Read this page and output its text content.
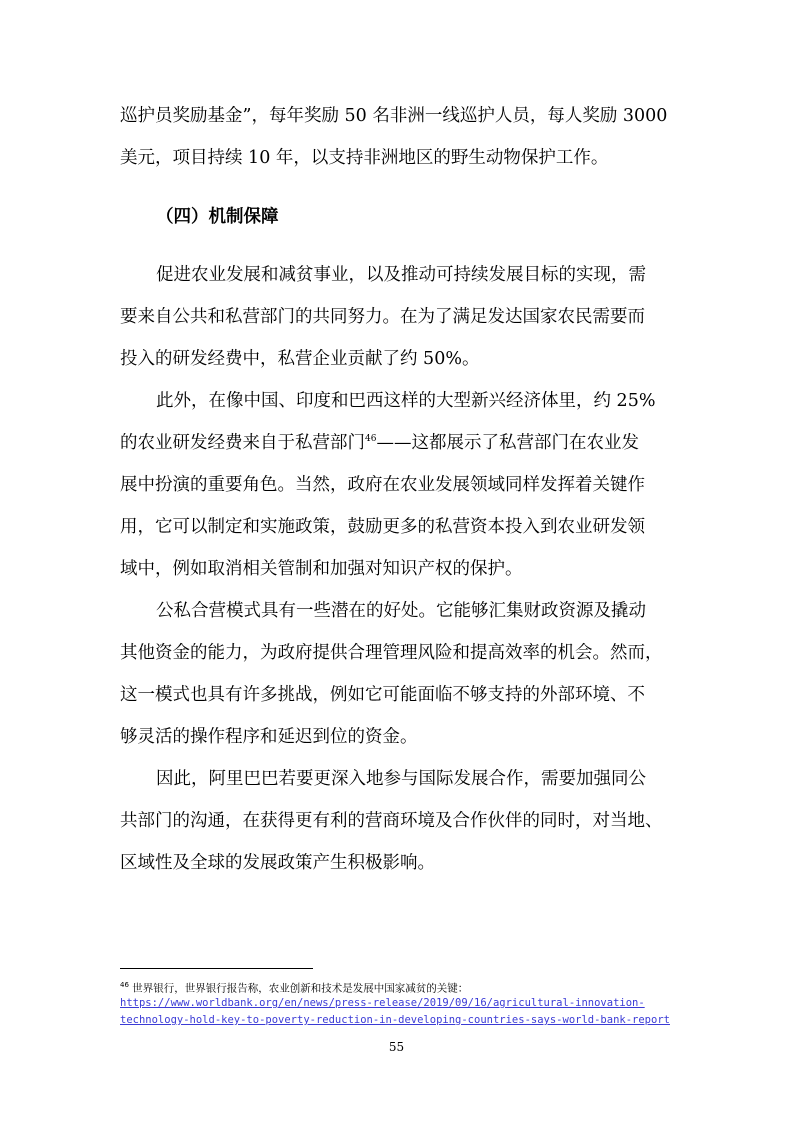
巡护员奖励基金”，每年奖励 50 名非洲一线巡护人员，每人奖励 3000
美元，项目持续 10 年，以支持非洲地区的野生动物保护工作。
（四）机制保障
促进农业发展和减贫事业，以及推动可持续发展目标的实现，需
要来自公共和私营部门的共同努力。在为了满足发达国家农民需要而
投入的研发经费中，私营企业贡献了约 50%。
此外，在像中国、印度和巴西这样的大型新兴经济体里，约 25%
的农业研发经费来自于私营部门$^{46}$——这都展示了私营部门在农业发
展中扮演的重要角色。当然，政府在农业发展领域同样发挥着关键作
用，它可以制定和实施政策，鼓励更多的私营资本投入到农业研发领
域中，例如取消相关管制和加强对知识产权的保护。
公私合营模式具有一些潜在的好处。它能够汇集财政资源及撬动
其他资金的能力，为政府提供合理管理风险和提高效率的机会。然而，
这一模式也具有许多挑战，例如它可能面临不够支持的外部环境、不
够灵活的操作程序和延迟到位的资金。
因此，阿里巴巴若要更深入地参与国际发展合作，需要加强同公
共部门的沟通，在获得更有利的营商环境及合作伙伴的同时，对当地、
区域性及全球的发展政策产生积极影响。
$^{46}$ 世界银行，世界银行报告称，农业创新和技术是发展中国家减贫的关键：
https://www.worldbank.org/en/news/press-release/2019/09/16/agricultural-innovation-
technology-hold-key-to-poverty-reduction-in-developing-countries-says-world-bank-report
55
